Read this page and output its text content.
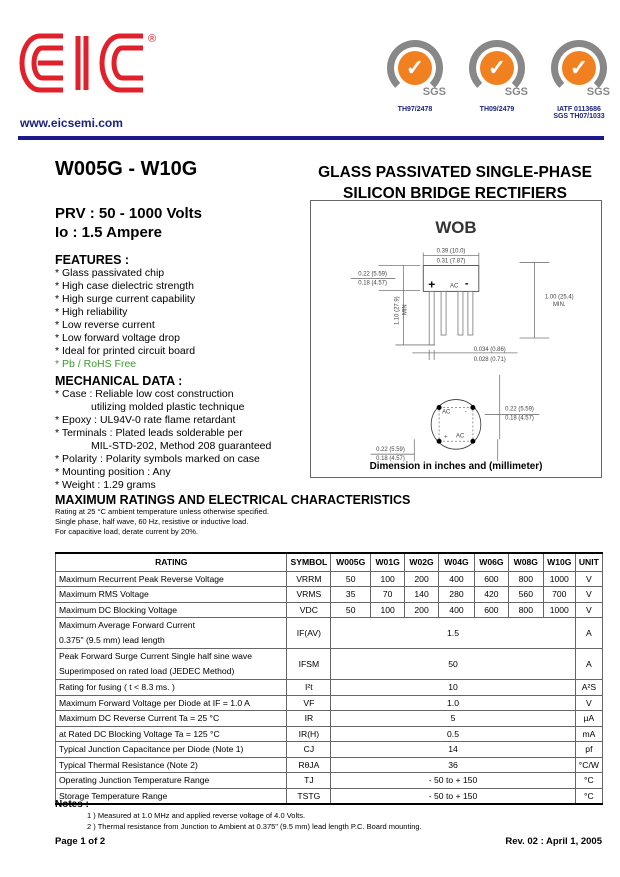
®
www.eicsemi.com
✓
SGS
TH97/2478
✓
SGS
TH09/2479
✓
SGS
IATF 0113686
SGS TH07/1033
W005G - W10G	GLASS PASSIVATED SINGLE-PHASE
SILICON BRIDGE RECTIFIERS
PRV : 50 - 1000 Volts
Io : 1.5 Ampere
FEATURES :
* Glass passivated chip
* High case dielectric strength
* High surge current capability
* High reliability
* Low reverse current
* Low forward voltage drop
* Ideal for printed circuit board
* Pb / RoHS Free
MECHANICAL DATA :
* Case : Reliable low cost construction
utilizing molded plastic technique
* Epoxy : UL94V-0 rate flame retardant
* Terminals : Plated leads solderable per
MIL-STD-202, Method 208 guaranteed
* Polarity : Polarity symbols marked on case
* Mounting position : Any
* Weight : 1.29 grams
WOB
0.39 (10.0)
0.31 (7.87)
0.22 (5.59)
0.18 (4.57)
1.10 (27.9) MIN
1.00 (25.4)
MIN.
0.034 (0.86)
0.028 (0.71)
AC
AC
AC
-
+
0.22 (5.59)
0.18 (4.57)
0.22 (5.59)
0.18 (4.57)
+	-
Dimension in inches and (millimeter)
MAXIMUM RATINGS AND ELECTRICAL CHARACTERISTICS
Rating at 25 °C ambient temperature unless otherwise specified.
Single phase, half wave, 60 Hz, resistive or inductive load.
For capacitive load, derate current by 20%.
RATING	SYMBOL	W005G	W01G	W02G	W04G	W06G	W08G	W10G	UNIT
Maximum Recurrent Peak Reverse Voltage	VRRM	50	100	200	400	600	800	1000	V
Maximum RMS Voltage	VRMS	35	70	140	280	420	560	700	V
Maximum DC Blocking Voltage	VDC	50	100	200	400	600	800	1000	V

Maximum Average Forward Current
0.375" (9.5 mm) lead length	IF(AV)	1.5							A

Peak Forward Surge Current Single half sine wave
Superimposed on rated load (JEDEC Method)	IFSM	50							A

Rating for fusing ( t < 8.3 ms. )	I²t	10							A²S

Maximum Forward Voltage per Diode at IF = 1.0 A	VF	1.0							V

Maximum DC Reverse Current Ta = 25 °C	IR	5							µA

at Rated DC Blocking Voltage Ta = 125 °C	IR(H)	0.5							mA

Typical Junction Capacitance per Diode (Note 1)	CJ	14							pf

Typical Thermal Resistance (Note 2)	RθJA	36							°C/W

Operating Junction Temperature Range	TJ	- 50 to + 150							°C

Storage Temperature Range	TSTG	- 50 to + 150							°C
Notes :
1 ) Measured at 1.0 MHz and applied reverse voltage of 4.0 Volts.
2 ) Thermal resistance from Junction to Ambient at 0.375" (9.5 mm) lead length P.C. Board mounting.
Page 1 of 2	Rev. 02 : April 1, 2005
